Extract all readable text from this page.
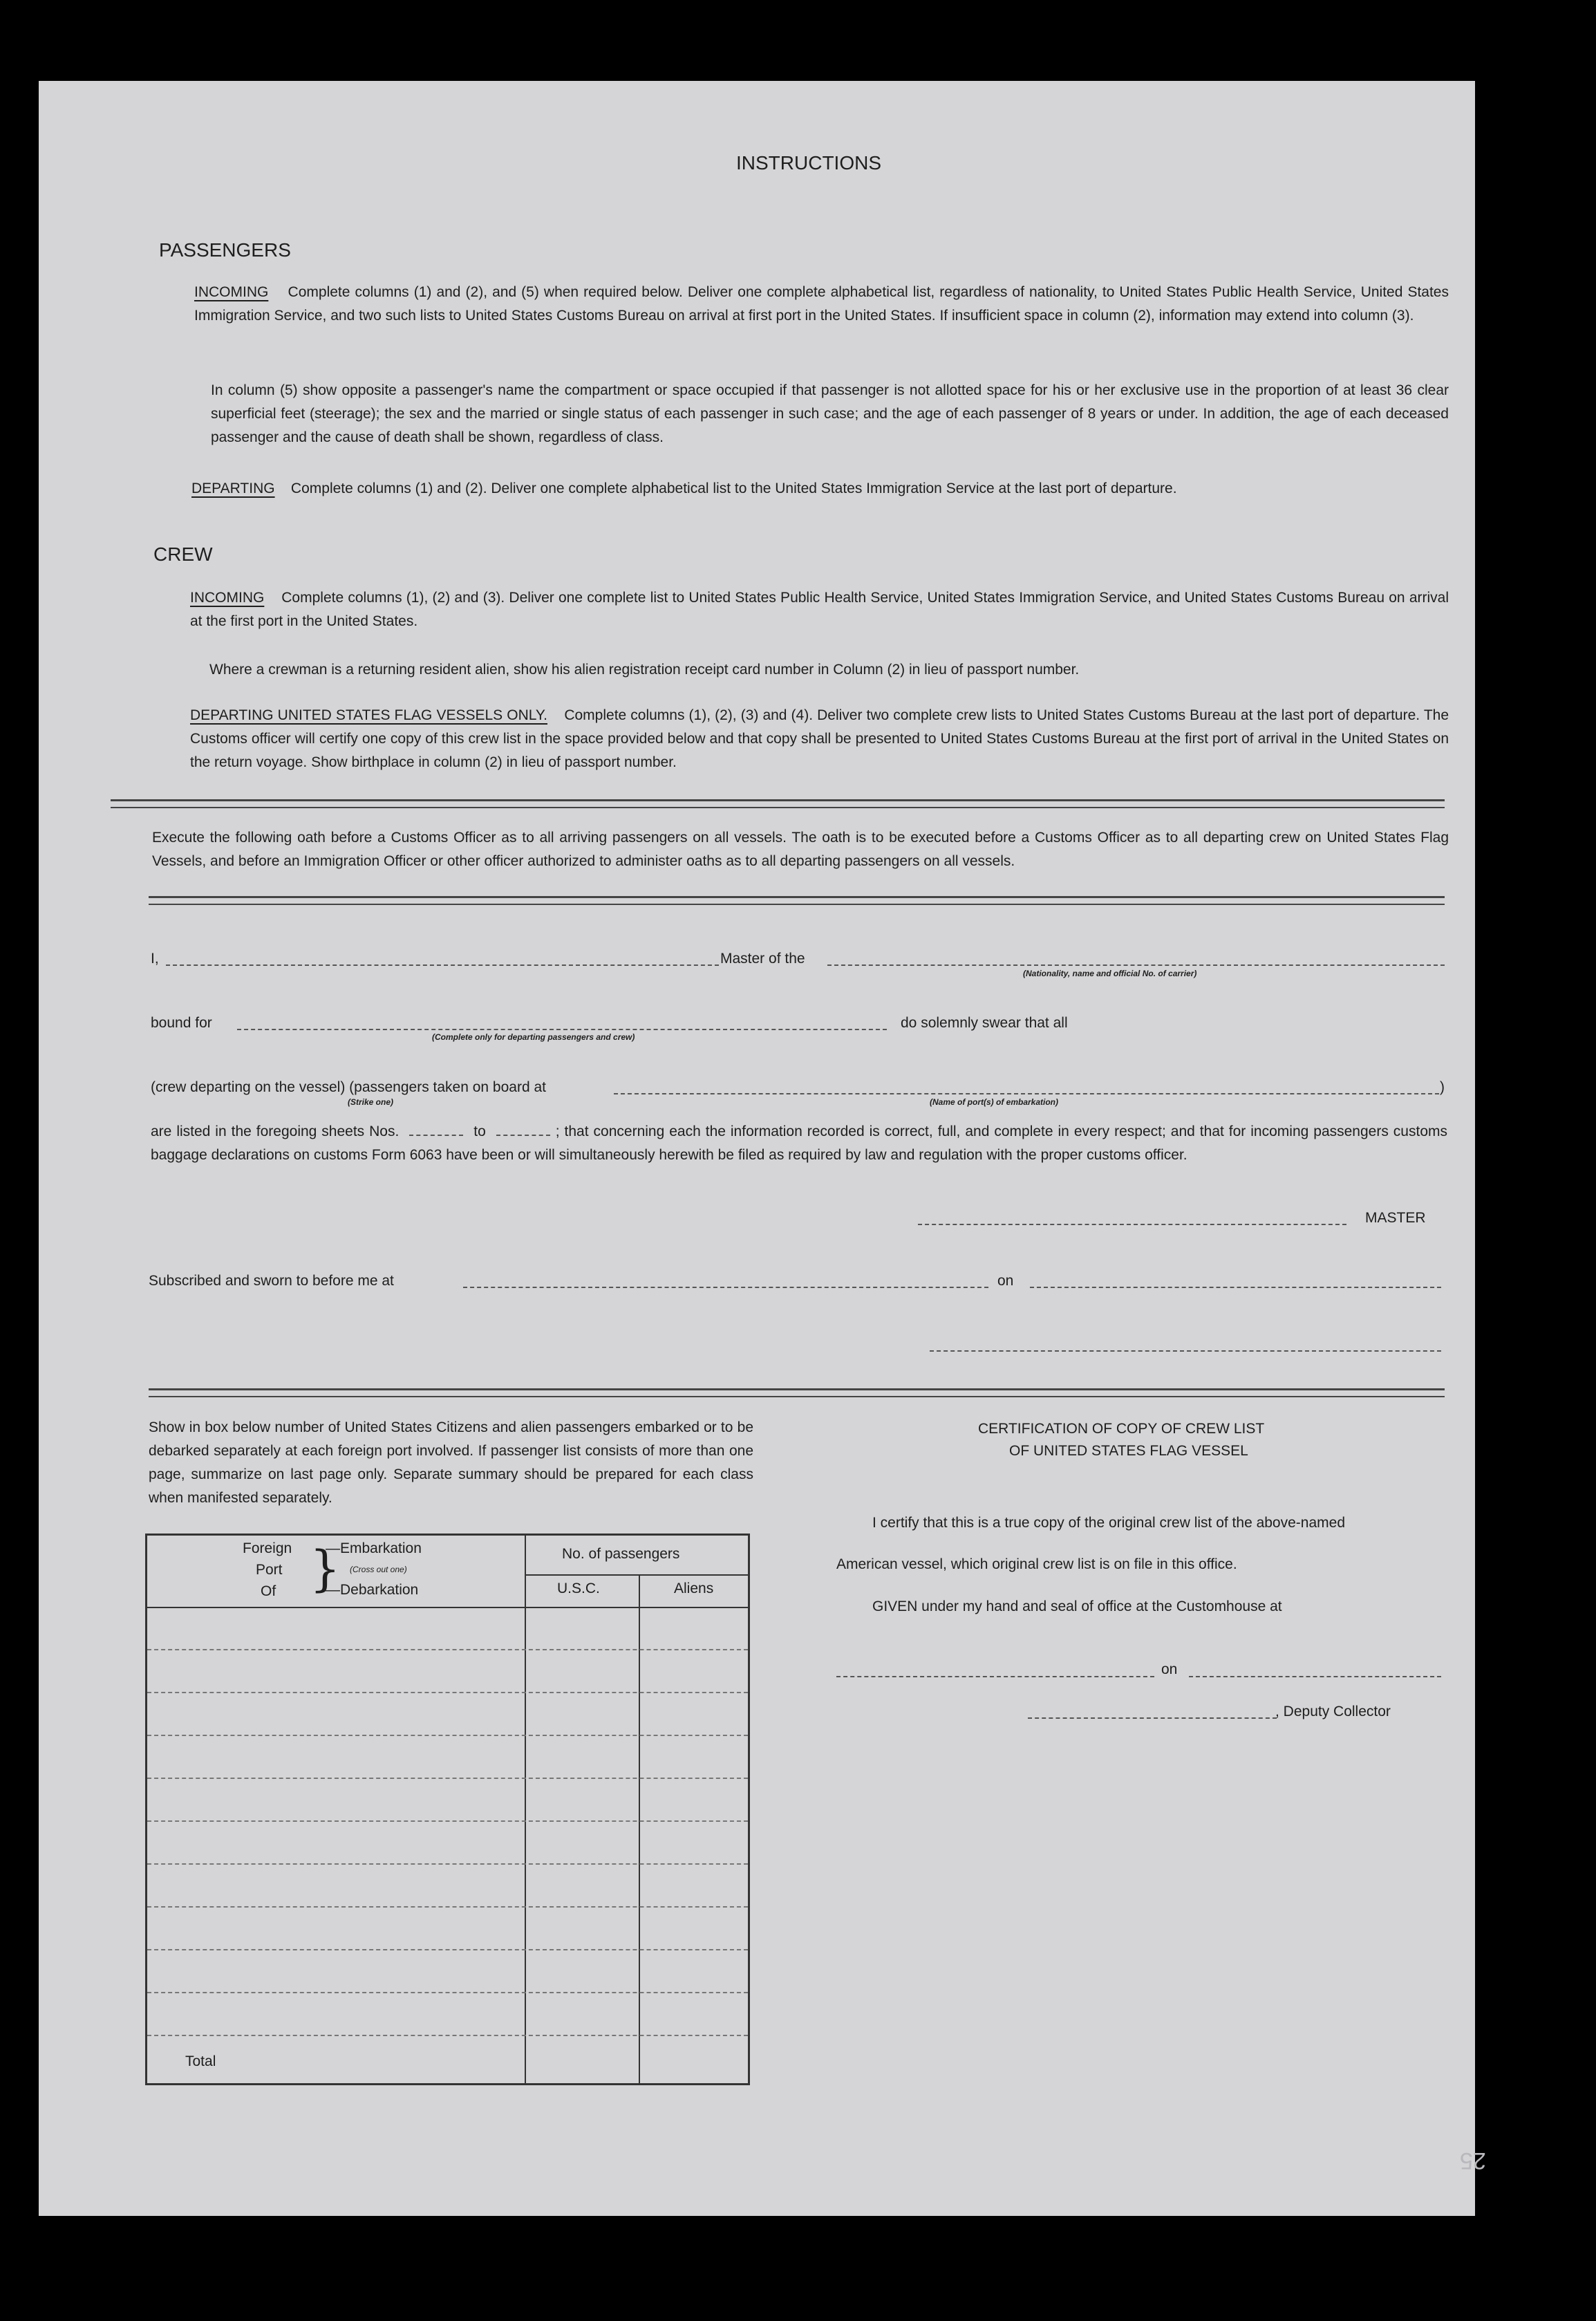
INSTRUCTIONS
PASSENGERS
INCOMING Complete columns (1) and (2), and (5) when required below. Deliver one complete alphabetical list, regardless of nationality, to United States Public Health Service, United States Immigration Service, and two such lists to United States Customs Bureau on arrival at first port in the United States. If insufficient space in column (2), information may extend into column (3).
In column (5) show opposite a passenger's name the compartment or space occupied if that passenger is not allotted space for his or her exclusive use in the proportion of at least 36 clear superficial feet (steerage); the sex and the married or single status of each passenger in such case; and the age of each passenger of 8 years or under. In addition, the age of each deceased passenger and the cause of death shall be shown, regardless of class.
DEPARTING Complete columns (1) and (2). Deliver one complete alphabetical list to the United States Immigration Service at the last port of departure.
CREW
INCOMING Complete columns (1), (2) and (3). Deliver one complete list to United States Public Health Service, United States Immigration Service, and United States Customs Bureau on arrival at the first port in the United States.
Where a crewman is a returning resident alien, show his alien registration receipt card number in Column (2) in lieu of passport number.
DEPARTING UNITED STATES FLAG VESSELS ONLY. Complete columns (1), (2), (3) and (4). Deliver two complete crew lists to United States Customs Bureau at the last port of departure. The Customs officer will certify one copy of this crew list in the space provided below and that copy shall be presented to United States Customs Bureau at the first port of arrival in the United States on the return voyage. Show birthplace in column (2) in lieu of passport number.
Execute the following oath before a Customs Officer as to all arriving passengers on all vessels. The oath is to be executed before a Customs Officer as to all departing crew on United States Flag Vessels, and before an Immigration Officer or other officer authorized to administer oaths as to all departing passengers on all vessels.
I,	Master of the
(Nationality, name and official No. of carrier)
bound for
(Complete only for departing passengers and crew)
do solemnly swear that all
(crew departing on the vessel) (passengers taken on board at
(Strike one)	(Name of port(s) of embarkation)
)
are listed in the foregoing sheets Nos.	to	; that concerning each the information recorded is correct, full, and complete in every respect; and that for incoming passengers customs baggage declarations on customs Form 6063 have been or will simultaneously herewith be filed as required by law and regulation with the proper customs officer.
MASTER
Subscribed and sworn to before me at	on
Show in box below number of United States Citizens and alien passengers embarked or to be debarked separately at each foreign port involved. If passenger list consists of more than one page, summarize on last page only. Separate summary should be prepared for each class when manifested separately.
Foreign
Port
Of }
—Embarkation
(Cross out one)
—Debarkation
No. of passengers
U.S.C.	Aliens
Total
CERTIFICATION OF COPY OF CREW LIST
OF UNITED STATES FLAG VESSEL
I certify that this is a true copy of the original crew list of the above-named
American vessel, which original crew list is on file in this office.
GIVEN under my hand and seal of office at the Customhouse at
on
, Deputy Collector
25
